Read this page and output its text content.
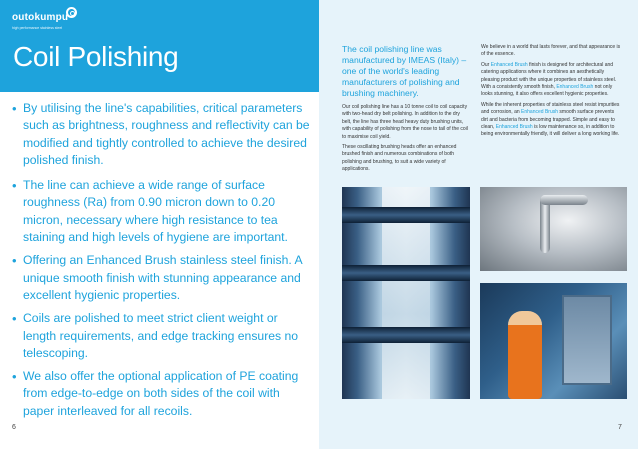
outokumpu
high performance stainless steel
Coil Polishing
• By utilising the line's capabilities, critical parameters such as brightness, roughness and reflectivity can be modified and tightly controlled to achieve the desired polished finish.
• The line can achieve a wide range of surface roughness (Ra) from 0.90 micron down to 0.20 micron, necessary where high resistance to tea staining and high levels of hygiene are important.
• Offering an Enhanced Brush stainless steel finish. A unique smooth finish with stunning appearance and excellent hygienic properties.
• Coils are polished to meet strict client weight or length requirements, and edge tracking ensures no telescoping.
• We also offer the optional application of PE coating from edge-to-edge on both sides of the coil with paper interleaved for all recoils.
6
The coil polishing line was manufactured by IMEAS (Italy) – one of the world's leading manufacturers of polishing and brushing machinery.

Our coil polishing line has a 10 tonne coil to coil capacity with two-head dry belt polishing. In addition to the dry belt, the line has three head heavy duty brushing units, with capability of polishing from the nose to tail of the coil to maximise coil yield.

These oscillating brushing heads offer an enhanced brushed finish and numerous combinations of both polishing and brushing, to suit a wide variety of applications.

We believe in a world that lasts forever, and that appearance is of the essence.

Our Enhanced Brush finish is designed for architectural and catering applications where it combines an aesthetically pleasing product with the unique properties of stainless steel. With a consistently smooth finish, Enhanced Brush not only looks stunning, it also offers excellent hygienic properties.

While the inherent properties of stainless steel resist impurities and corrosion, an Enhanced Brush smooth surface prevents dirt and bacteria from becoming trapped. Simple and easy to clean, Enhanced Brush is low maintenance so, in addition to being environmentally friendly, it will deliver a long working life.

7
